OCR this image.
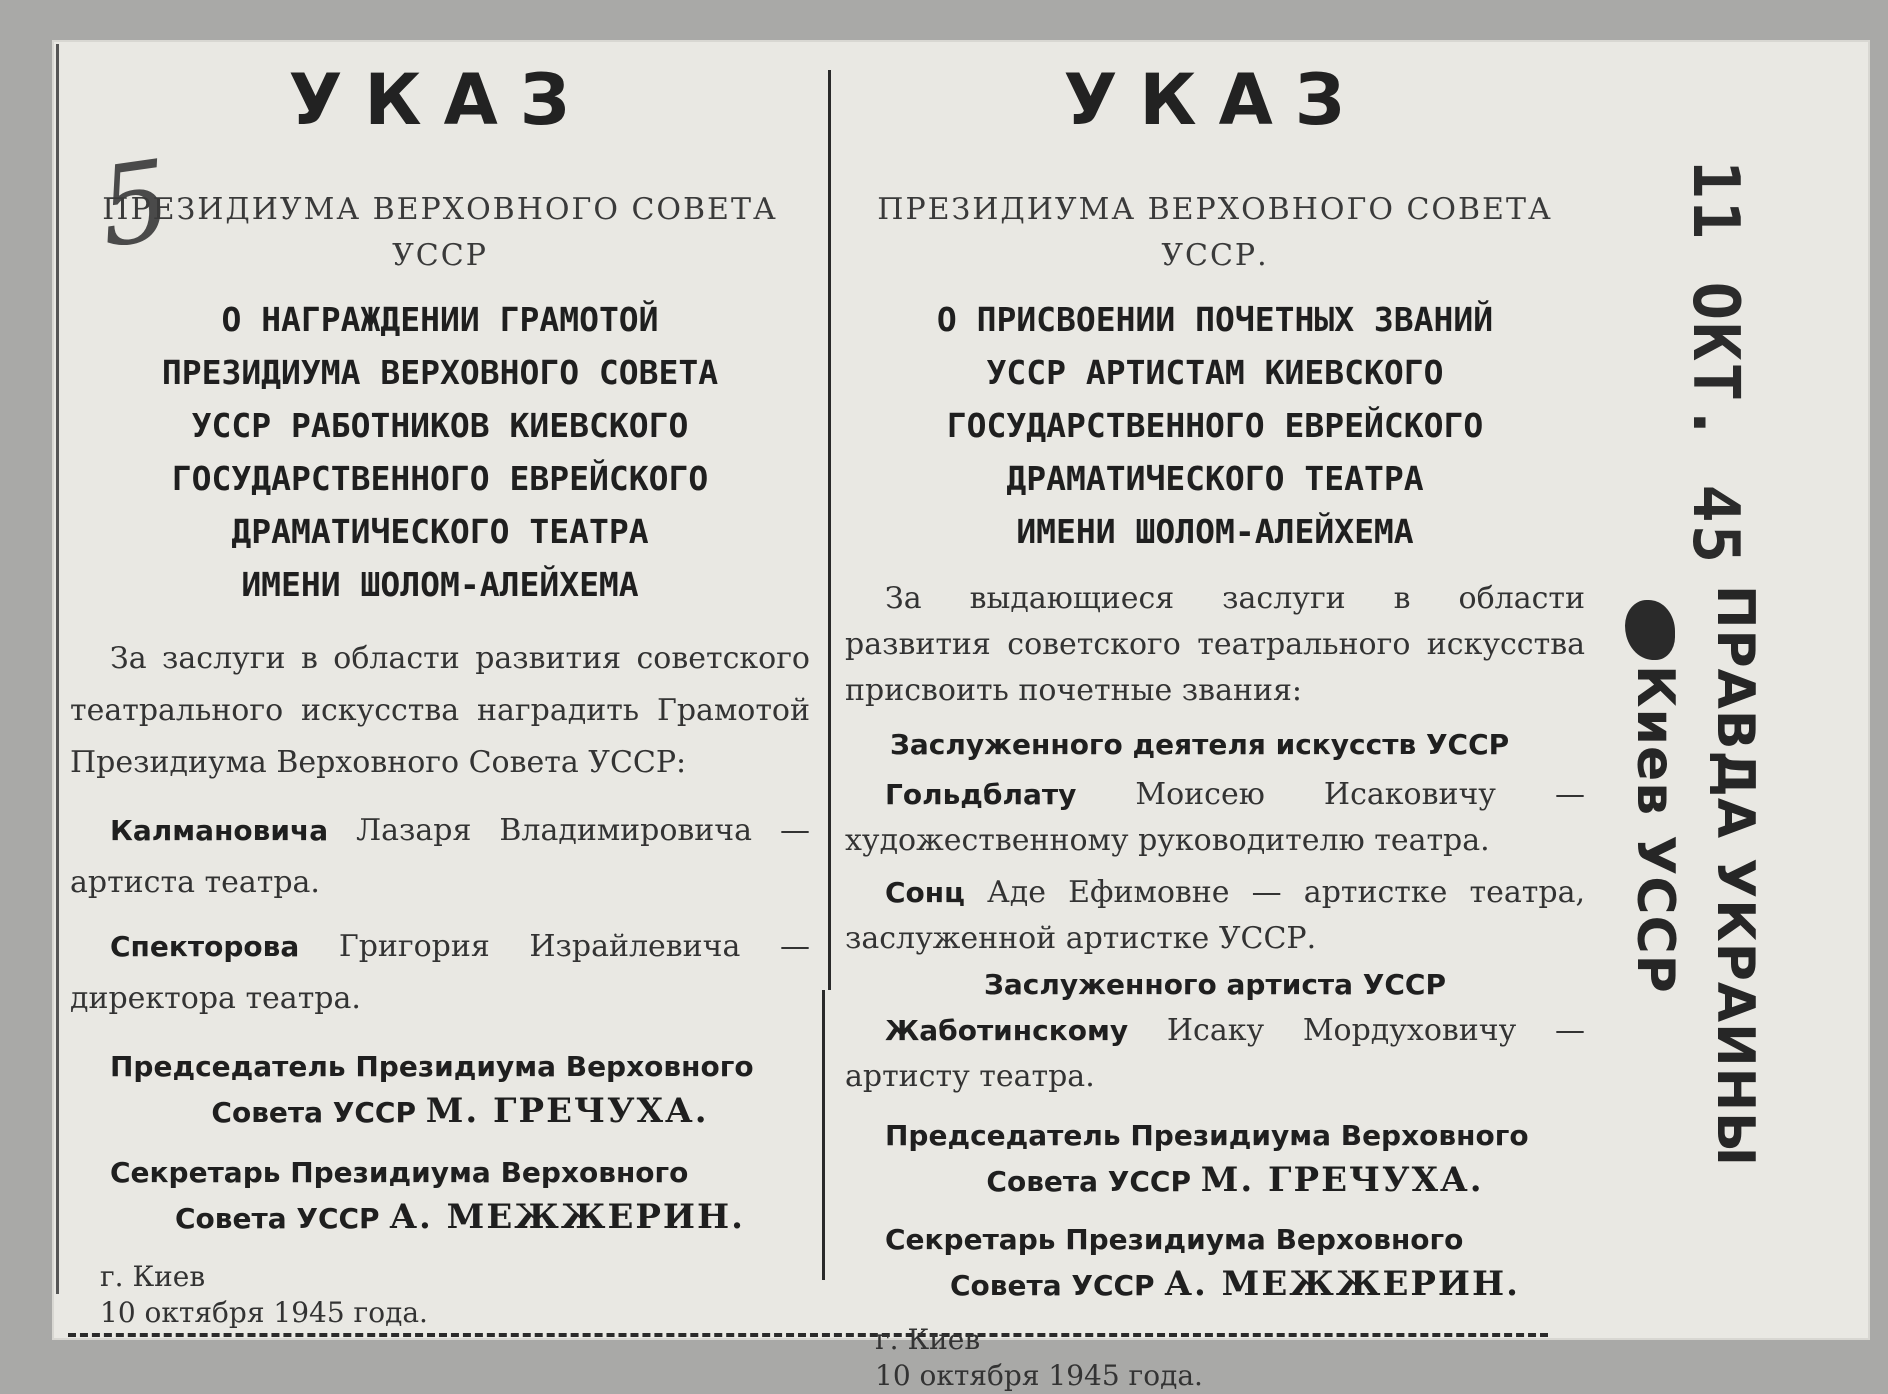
5
УКАЗ
ПРЕЗИДИУМА ВЕРХОВНОГО СОВЕТА
УССР
О НАГРАЖДЕНИИ ГРАМОТОЙ
ПРЕЗИДИУМА ВЕРХОВНОГО СОВЕТА
УССР РАБОТНИКОВ КИЕВСКОГО
ГОСУДАРСТВЕННОГО ЕВРЕЙСКОГО
ДРАМАТИЧЕСКОГО ТЕАТРА
ИМЕНИ ШОЛОМ-АЛЕЙХЕМА

За заслуги в области развития советского театрального искусства наградить Грамотой Президиума Верховного Совета УССР:

Калмановича Лазаря Владимировича — артиста театра.

Спекторова Григория Израйлевича — директора театра.

Председатель Президиума Верховного
Совета УССР М. ГРЕЧУХА.
Секретарь Президиума Верховного
Совета УССР А. МЕЖЖЕРИН.

г. Киев

10 октября 1945 года.

УКАЗ
ПРЕЗИДИУМА ВЕРХОВНОГО СОВЕТА
УССР.
О ПРИСВОЕНИИ ПОЧЕТНЫХ ЗВАНИЙ
УССР АРТИСТАМ КИЕВСКОГО
ГОСУДАРСТВЕННОГО ЕВРЕЙСКОГО
ДРАМАТИЧЕСКОГО ТЕАТРА
ИМЕНИ ШОЛОМ-АЛЕЙХЕМА

За выдающиеся заслуги в области развития советского театрального искусства присвоить почетные звания:

Заслуженного деятеля искусств УССР

Гольдблату Моисею Исаковичу — художественному руководителю театра.

Сонц Аде Ефимовне — артистке театра, заслуженной артистке УССР.

Заслуженного артиста УССР

Жаботинскому Исаку Мордуховичу — артисту театра.

Председатель Президиума Верховного
Совета УССР М. ГРЕЧУХА.
Секретарь Президиума Верховного
Совета УССР А. МЕЖЖЕРИН.

г. Киев

10 октября 1945 года.

11 ОКТ. 45
ПРАВДА УКРАИНЫ
Киев УССР
